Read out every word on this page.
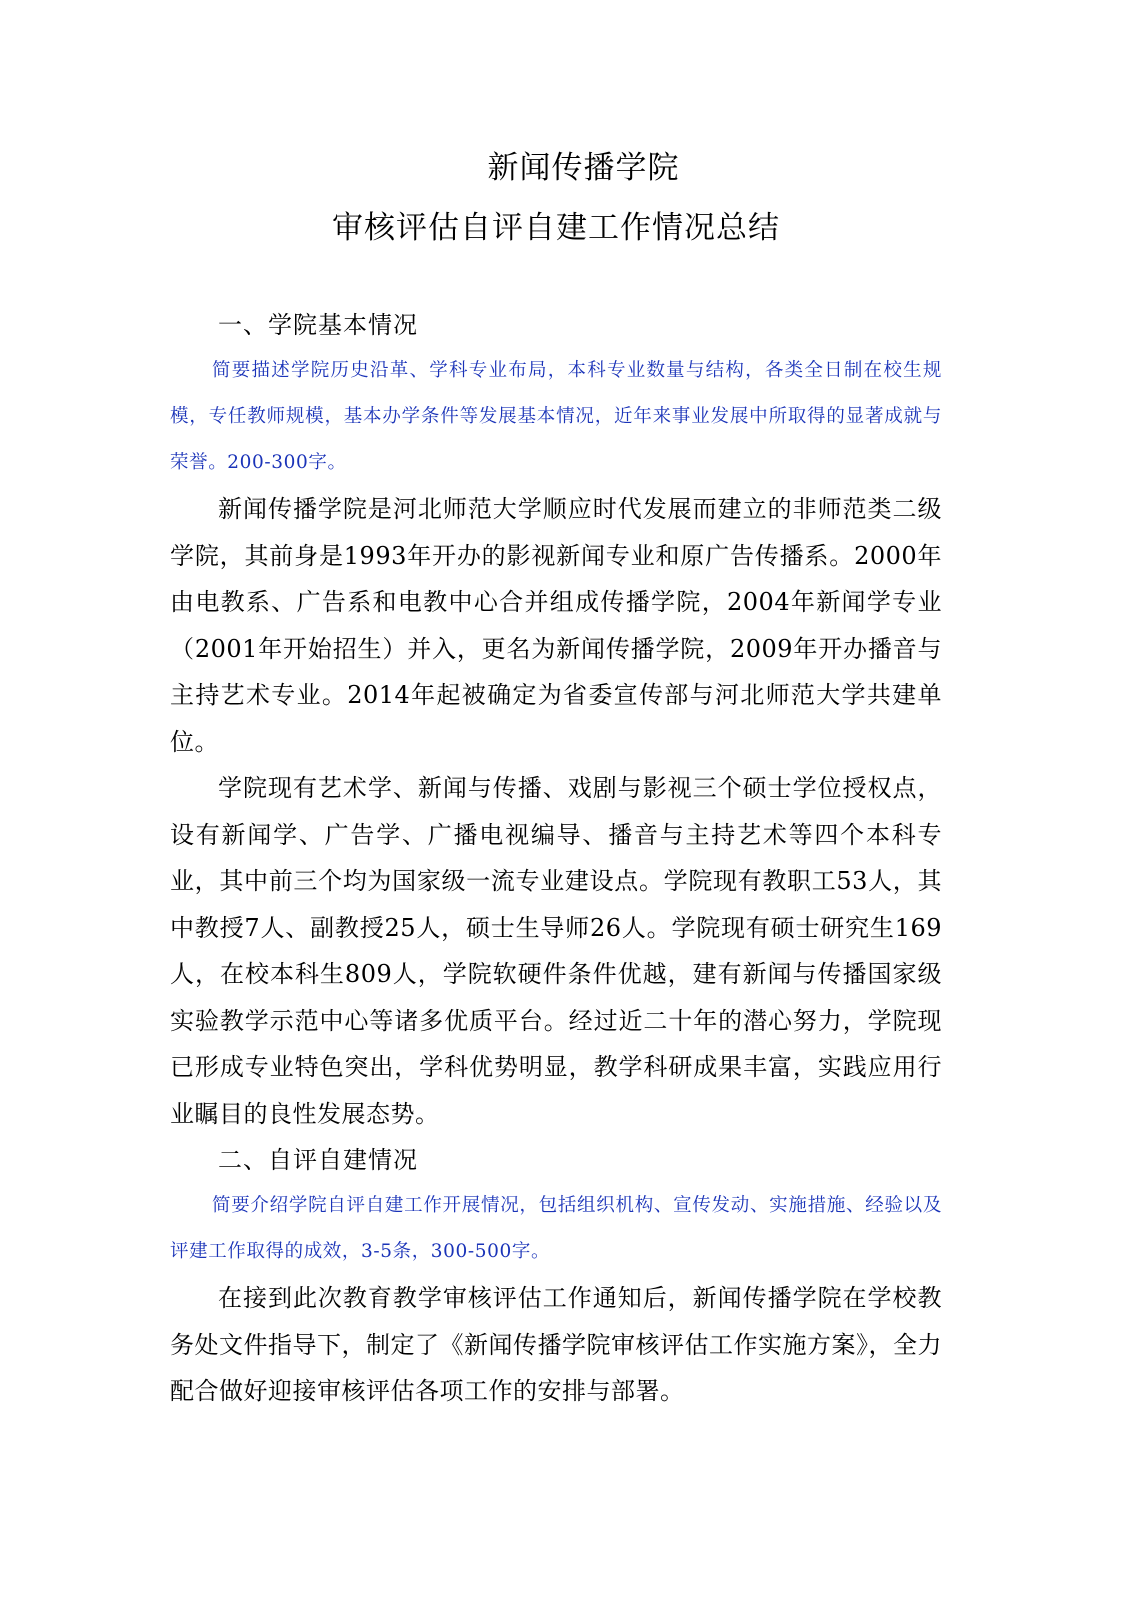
新闻传播学院
审核评估自评自建工作情况总结
一、学院基本情况
简要描述学院历史沿革、学科专业布局，本科专业数量与结构，各类全日制在校生规模，专任教师规模，基本办学条件等发展基本情况，近年来事业发展中所取得的显著成就与荣誉。200-300字。
新闻传播学院是河北师范大学顺应时代发展而建立的非师范类二级学院，其前身是1993年开办的影视新闻专业和原广告传播系。2000年由电教系、广告系和电教中心合并组成传播学院，2004年新闻学专业（2001年开始招生）并入，更名为新闻传播学院，2009年开办播音与主持艺术专业。2014年起被确定为省委宣传部与河北师范大学共建单位。
学院现有艺术学、新闻与传播、戏剧与影视三个硕士学位授权点，设有新闻学、广告学、广播电视编导、播音与主持艺术等四个本科专业，其中前三个均为国家级一流专业建设点。学院现有教职工53人，其中教授7人、副教授25人，硕士生导师26人。学院现有硕士研究生169人，在校本科生809人，学院软硬件条件优越，建有新闻与传播国家级实验教学示范中心等诸多优质平台。经过近二十年的潜心努力，学院现已形成专业特色突出，学科优势明显，教学科研成果丰富，实践应用行业瞩目的良性发展态势。
二、自评自建情况
简要介绍学院自评自建工作开展情况，包括组织机构、宣传发动、实施措施、经验以及评建工作取得的成效，3-5条，300-500字。
在接到此次教育教学审核评估工作通知后，新闻传播学院在学校教务处文件指导下，制定了《新闻传播学院审核评估工作实施方案》，全力配合做好迎接审核评估各项工作的安排与部署。
